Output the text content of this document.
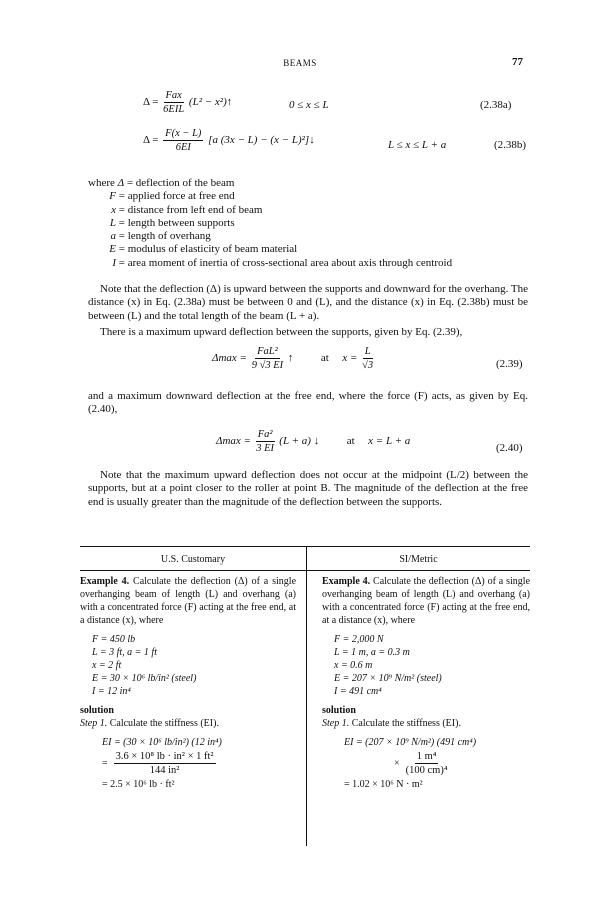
BEAMS	77
$\Delta = \frac{\text{Fax}}{\text{6EIL}} (L^2$ − x²)↑	0 ≤ x ≤ L	(2.38a)
$\Delta = \frac{F(x - L)}{6EI} [a$ (3x − L) − (x − L)²]↓	L ≤ x ≤ L + a	(2.38b)
where Δ = deflection of the beam
F = applied force at free end
x = distance from left end of beam
L = length between supports
a = length of overhang
E = modulus of elasticity of beam material
I = area moment of inertia of cross-sectional area about axis through centroid
Note that the deflection (Δ) is upward between the supports and downward for the overhang. The distance (x) in Eq. (2.38a) must be between 0 and (L), and the distance (x) in Eq. (2.38b) must be between (L) and the total length of the beam (L + a).
There is a maximum upward deflection between the supports, given by Eq. (2.39),
$\Delta\max = \frac{\text{FaL²}}{9 √3 EI}$ ↑	at $x = \frac{L}{√3}$	(2.39)
and a maximum downward deflection at the free end, where the force (F) acts, as given by Eq. (2.40),
$\Delta\max = \frac{\text{Fa²}}{3 EI} (L + a)$ ↓	at x = L + a
(2.40)
Note that the maximum upward deflection does not occur at the midpoint (L/2) between the supports, but at a point closer to the roller at point B. The magnitude of the deflection at the free end is usually greater than the magnitude of the deflection between the supports.
U.S. Customary
Example 4. Calculate the deflection (Δ) of a single overhanging beam of length (L) and overhang (a) with a concentrated force (F) acting at the free end, at a distance (x), where
F = 450 lb
L = 3 ft, a = 1 ft
x = 2 ft
E = 30 × 10⁶ lb/in² (steel)
I = 12 in⁴
solution
Step 1. Calculate the stiffness (EI).
EI = (30 × 10⁶ lb/in²) (12 in⁴)
= $\frac{\text{3.6 × 10⁸ lb · in² × 1 ft²}}{\text{144 in²}}$
= 2.5 × 10⁶ lb · ft²
SI/Metric
Example 4. Calculate the deflection (Δ) of a single overhanging beam of length (L) and overhang (a) with a concentrated force (F) acting at the free end, at a distance (x), where
F = 2,000 N
L = 1 m, a = 0.3 m
x = 0.6 m
E = 207 × 10⁹ N/m² (steel)
I = 491 cm⁴
solution
Step 1. Calculate the stiffness (EI).
EI = (207 × 10⁹ N/m²) (491 cm⁴)
× $\frac{\text{1 m⁴}}{\text{(100 cm)⁴}}$
= 1.02 × 10⁶ N · m²
